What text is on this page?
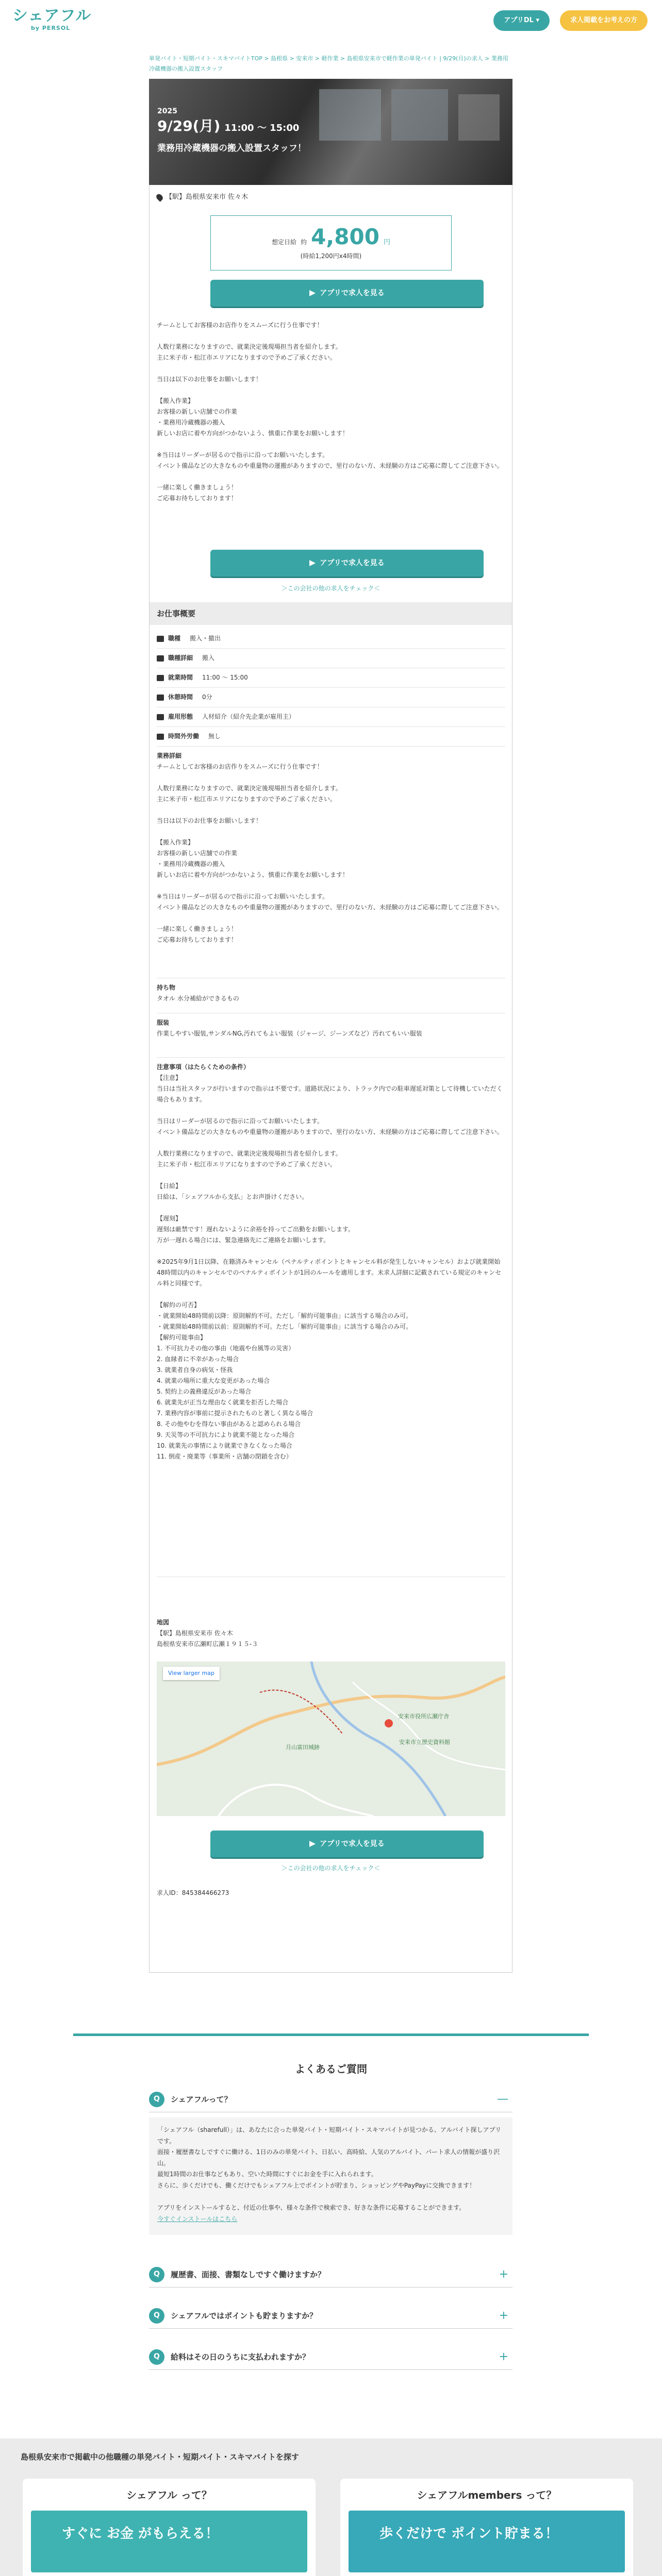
シェアフル
by PERSOL
アプリDL ▾	求人掲載をお考えの方
単発バイト・短期バイト・スキマバイトTOP > 島根県 > 安来市 > 軽作業 > 島根県安来市で軽作業の単発バイト | 9/29(月)の求人 > 業務用冷蔵機器の搬入設置スタッフ
2025
9/29(月) 11:00 〜 15:00
業務用冷蔵機器の搬入設置スタッフ！
【駅】島根県安来市 佐々木
想定日給 約 4,800 円
(時給1,200円x4時間)
アプリで求人を見る
チームとしてお客様のお店作りをスムーズに行う仕事です！

人数行業務になりますので、就業決定後現場担当者を紹介します。
主に米子市・松江市エリアになりますので予めご了承ください。

当日は以下のお仕事をお願いします！

【搬入作業】
お客様の新しい店舗での作業
・業務用冷蔵機器の搬入
新しいお店に着や方向がつかないよう、慎重に作業をお願いします！

※当日はリーダーが居るので指示に沿ってお願いいたします。
イベント備品などの大きなものや重量物の運搬がありますので、里行のない方、未経験の方はご応募に際してご注意下さい。

一緒に楽しく働きましょう！
ご応募お待ちしております！
アプリで求人を見る
＞この会社の他の求人をチェック＜
お仕事概要
職種 搬入・撤出
職種詳細 搬入
就業時間 11:00 〜 15:00
休憩時間 0分
雇用形態 人材紹介（紹介先企業が雇用主）
時間外労働 無し
業務詳細
チームとしてお客様のお店作りをスムーズに行う仕事です！

人数行業務になりますので、就業決定後現場担当者を紹介します。
主に米子市・松江市エリアになりますので予めご了承ください。

当日は以下のお仕事をお願いします！

【搬入作業】
お客様の新しい店舗での作業
・業務用冷蔵機器の搬入
新しいお店に着や方向がつかないよう、慎重に作業をお願いします！

※当日はリーダーが居るので指示に沿ってお願いいたします。
イベント備品などの大きなものや重量物の運搬がありますので、里行のない方、未経験の方はご応募に際してご注意下さい。

一緒に楽しく働きましょう！
ご応募お待ちしております！
持ち物
タオル 水分補給ができるもの
服装
作業しやすい服装,サンダルNG,汚れてもよい服装（ジャージ、ジーンズなど）汚れてもいい服装
注意事項（はたらくための条件）
【注意】
当日は当社スタッフが行いますので指示は不要です。道路状況により、トラック内での駐車遅延対策として待機していただく場合もあります。

当日はリーダーが居るので指示に沿ってお願いいたします。
イベント備品などの大きなものや重量物の運搬がありますので、里行のない方、未経験の方はご応募に際してご注意下さい。

人数行業務になりますので、就業決定後現場担当者を紹介します。
主に米子市・松江市エリアになりますので予めご了承ください。

【日給】
日給は、「シェアフルから支払」とお声掛けください。

【遅刻】
遅刻は厳禁です！遅れないように余裕を持ってご出勤をお願いします。
万が一遅れる場合には、緊急連絡先にご連絡をお願いします。

※2025年9月1日以降、在籍済みキャンセル（ペナルティポイントとキャンセル料が発生しないキャンセル）および就業開始48時間以内のキャンセルでのペナルティポイントが1回のルールを適用します。未求人詳細に記載されている規定のキャンセル料と同様です。

【解約の可否】
・就業開始48時間前以降：原則解約不可。ただし「解約可能事由」に該当する場合のみ可。
・就業開始48時間前以前：原則解約不可。ただし「解約可能事由」に該当する場合のみ可。
【解約可能事由】
1. 不可抗力その他の事由（地震や台風等の災害）
2. 血縁者に不幸があった場合
3. 就業者自身の病気・怪我
4. 就業の場所に重大な変更があった場合
5. 契約上の義務違反があった場合
6. 就業先が正当な理由なく就業を拒否した場合
7. 業務内容が事前に提示されたものと著しく異なる場合
8. その他やむを得ない事由があると認められる場合
9. 天災等の不可抗力により就業不能となった場合
10. 就業先の事情により就業できなくなった場合
11. 倒産・廃業等（事業所・店舗の閉鎖を含む）
地図
【駅】島根県安来市 佐々木
島根県安来市広瀬町広瀬１９１５-３
安来市役所広瀬庁舎
月山富田城跡
安来市立歴史資料館
View larger map
アプリで求人を見る
＞この会社の他の求人をチェック＜
求人ID：845384466273
よくあるご質問
Q	シェアフルって？	—
「シェアフル（sharefull）」は、あなたに合った単発バイト・短期バイト・スキマバイトが見つかる、アルバイト探しアプリです。
面接・履歴書なしですぐに働ける、1日のみの単発バイト、日払い、高時給、人気のアルバイト、パート求人の情報が盛り沢山。
最短1時間のお仕事などもあり、空いた時間にすぐにお金を手に入れられます。
さらに、歩くだけでも、働くだけでもシェアフル上でポイントが貯まり、ショッピングやPayPayに交換できます！

アプリをインストールすると、付近の仕事や、様々な条件で検索でき、好きな条件に応募することができます。
今すぐインストールはこちら
Q	履歴書、面接、書類なしですぐ働けますか？	+
Q	シェアフルではポイントも貯まりますか？	+
Q	給料はその日のうちに支払われますか？	+
島根県安来市で掲載中の他職種の単発バイト・短期バイト・スキマバイトを探す
シェアフル って？
すぐに お金 がもらえる！
シェアフルmembers って？
歩くだけで ポイント貯まる！
